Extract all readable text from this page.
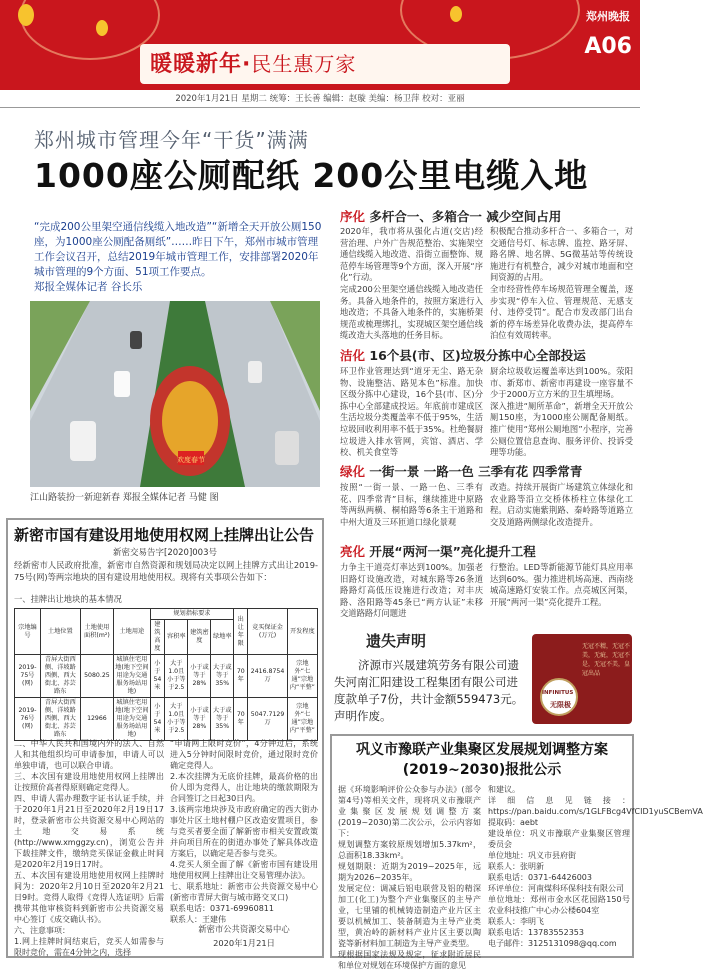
暖暖新年·民生惠万家
郑州晚报
A06
2020年1月21日 星期二 统筹：王长善 编辑：赵璇 美编：杨卫萍 校对：亚丽
郑州城市管理今年“干货”满满
1000座公厕配纸 200公里电缆入地
“完成200公里架空通信线缆入地改造”“新增全天开放公厕150座，为1000座公厕配备厕纸”……昨日下午，郑州市城市管理工作会议召开，总结2019年城市管理工作，安排部署2020年城市管理的9个方面、51项工作要点。
郑报全媒体记者 谷长乐
欢度春节
江山路装扮一新迎新春 郑报全媒体记者 马健 图
序化 多杆合一、多箱合一 减少空间占用
2020年，我市将从强化占道(交店)经营治理、户外广告规范整治、实施架空通信线缆入地改造、沿街立面整饰、规范停车场管理等9个方面，深入开展“序化”行动。
完成200公里架空通信线缆入地改造任务。具备入地条件的，按照方案进行入地改造；不具备入地条件的，实施桥架规范或梳理绑扎，实现城区架空通信线缆改造大头落地的任务目标。
积极配合推动多杆合一、多箱合一，对交通信号灯、标志牌、监控、路牙屏、路名牌、地名牌、5G微基站等传统设施进行有机整合，减少对城市地面和空间资源的占用。
全市经营性停车场规范管理全覆盖，逐步实现“停车入位、管理规范、无感支付、违停受罚”。配合市发改部门出台新的停车场差异化收费办法，提高停车泊位有效周转率。
洁化 16个县(市、区)垃圾分拣中心全部投运
环卫作业管理达到“道牙无尘、路无杂物、设施整洁、路见本色”标准。加快区级分拣中心建设，16个县(市、区)分拣中心全部建成投运。年底前市建成区生活垃圾分类覆盖率不低于95%，生活垃圾回收利用率不低于35%。杜绝餐厨垃圾进入排水管网，宾馆、酒店、学校、机关食堂等
厨余垃圾收运覆盖率达到100%。荥阳市、新郑市、新密市再建设一座容量不少于2000万立方米的卫生填埋场。
深入推进“厕所革命”，新增全天开放公厕150座，为1000座公厕配备厕纸。推广使用“郑州公厕地图”小程序，完善公厕位置信息查询、服务评价、投诉受理等功能。
绿化 一街一景 一路一色 三季有花 四季常青
按照“一街一景、一路一色、三季有花、四季常青”目标，继续推进中原路等两纵两横、桐柏路等6条主干道路和中州大道及三环匝道口绿化景观
改造。持续开展街广场建筑立体绿化和农业路等沿立交桥体桥柱立体绿化工程。启动实施紫荆路、秦岭路等道路立交及道路两侧绿化改造提升。
亮化 开展“两河一渠”亮化提升工程
力争主干道亮灯率达到100%。加强老旧路灯设施改造，对城东路等26条道路路灯高低压设施进行改造；对丰庆路、洛阳路等45条已“两方认证”未移交道路路灯问题进
行整治。LED等新能源节能灯具应用率达到60%。强力推进机场高速、西南绕城高速路灯安装工作。点亮城区河渠，开展“两河一渠”亮化提升工程。
新密市国有建设用地使用权网上挂牌出让公告
新密交易告字[2020]003号
经新密市人民政府批准，新密市自然资源和规划局决定以网上挂牌方式出让2019-75号(网)等两宗地块的国有建设用地使用权。现将有关事项公告如下：
一、挂牌出让地块的基本情况
宗地编号	土地位置	土地使用面积(m²)	土地用途	规划指标要求				出让年限	竞买保证金(万元)	开发程度
				建筑高度	容积率	建筑密度	绿地率			
2019-75号(网)	青屏大街西侧、洋坡路西侧、西大街北、苏芸路东	5080.25	城镇住宅用地(地下空间用途为交通服务场站用地)	小于54米	大于1.0且小于等于2.5	小于或等于28%	大于或等于35%	70年	2416.8754万	宗地外“七通”宗地内“平整”
2019-76号(网)	青屏大街西侧、洋坡路西侧、西大街北、苏芸路东	12966	城镇住宅用地(地下空间用途为交通服务场站用地)	小于54米	大于1.0且小于等于2.5	小于或等于28%	大于或等于35%	70年	5047.7129万	宗地外“七通”宗地内“平整”
二、中华人民共和国境内外的法人、自然人和其他组织均可申请参加，申请人可以单独申请，也可以联合申请。
三、本次国有建设用地使用权网上挂牌出让按照价高者得原则确定竞得人。
四、申请人需办理数字证书认证手续，并于2020年1月21日至2020年2月19日17时，登录新密市公共资源交易中心网站的土地交易系统(http://www.xmggzy.cn)，浏览公告并下载挂牌文件，缴纳竞买保证金截止时间是2020年2月19日17时。
五、本次国有建设用地使用权网上挂牌时间为：2020年2月10日至2020年2月21日9时。竞得人取得《竞得人选证明》后需携带其他审核资料到新密市公共资源交易中心签订《成交确认书》。
六、注意事项：
1.网上挂牌时间结束后，竞买人如需参与限时竞价，需在4分钟之内，选择
“申请网上限时竞价”，4分钟过后，系统进入5分钟时间限时竞价，通过限时竞价确定竞得人。
2.本次挂牌为无底价挂牌，最高价格的出价人即为竞得人，出让地块的缴款期限为合同签订之日起30日内。
3.该两宗地块涉及市政府确定的西大街办事处片区土地村棚户区改造安置项目，参与竞买者要全面了解新密市相关安置政策并向项目所在的街道办事处了解具体改造方案后，以确定是否参与竞买。
4.竞买人须全面了解《新密市国有建设用地使用权网上挂牌出让交易管理办法》。
七、联系地址：新密市公共资源交易中心(新密市青屏大街与城市路交叉口)
联系电话：0371-69960811
联系人：王建伟
新密市公共资源交易中心
2020年1月21日
遗失声明

济源市兴晟建筑劳务有限公司遗失河南汇阳建设工程集团有限公司进度款单子7份，共计金额559473元。声明作废。

无冠不精，无冠不美，无疵，无冠不是，无冠不美，皇冠出品
INFINITUS
无限极
巩义市豫联产业集聚区发展规划调整方案(2019~2030)报批公示
据《环境影响评价公众参与办法》(部令第4号)等相关文件，现将巩义市豫联产业集聚区发展规划调整方案(2019~2030)第二次公示，公示内容如下：
规划调整方案较原规划增加5.37km²，总面积18.33km²。
规划期限：近期为2019~2025年，远期为2026~2035年。
发展定位：调减后铝电联营及铝的精深加工(化工)为整个产业集聚区的主导产业，七里铺的机械铸造制造产业片区主要以机械加工、装备制造为主导产业类型，黄冶岭的新材料产业片区主要以陶瓷等新材料加工制造为主导产业类型。
现根据国家法规及规定，征求附近居民和单位对规划在环境保护方面的意见
和建议。
详细信息见链接：https://pan.baidu.com/s/1GLFBcg4VfCID1yuSCBemVA
提取码：aebt
建设单位：巩义市豫联产业集聚区管理委员会
单位地址：巩义市县府街
联系人：张明新
联系电话：0371-64426003
环评单位：河南煤科环保科技有限公司
单位地址：郑州市金水区花园路150号农业科技推广中心办公楼604室
联系人：李明飞
联系电话：13783552353
电子邮件：3125131098@qq.com
